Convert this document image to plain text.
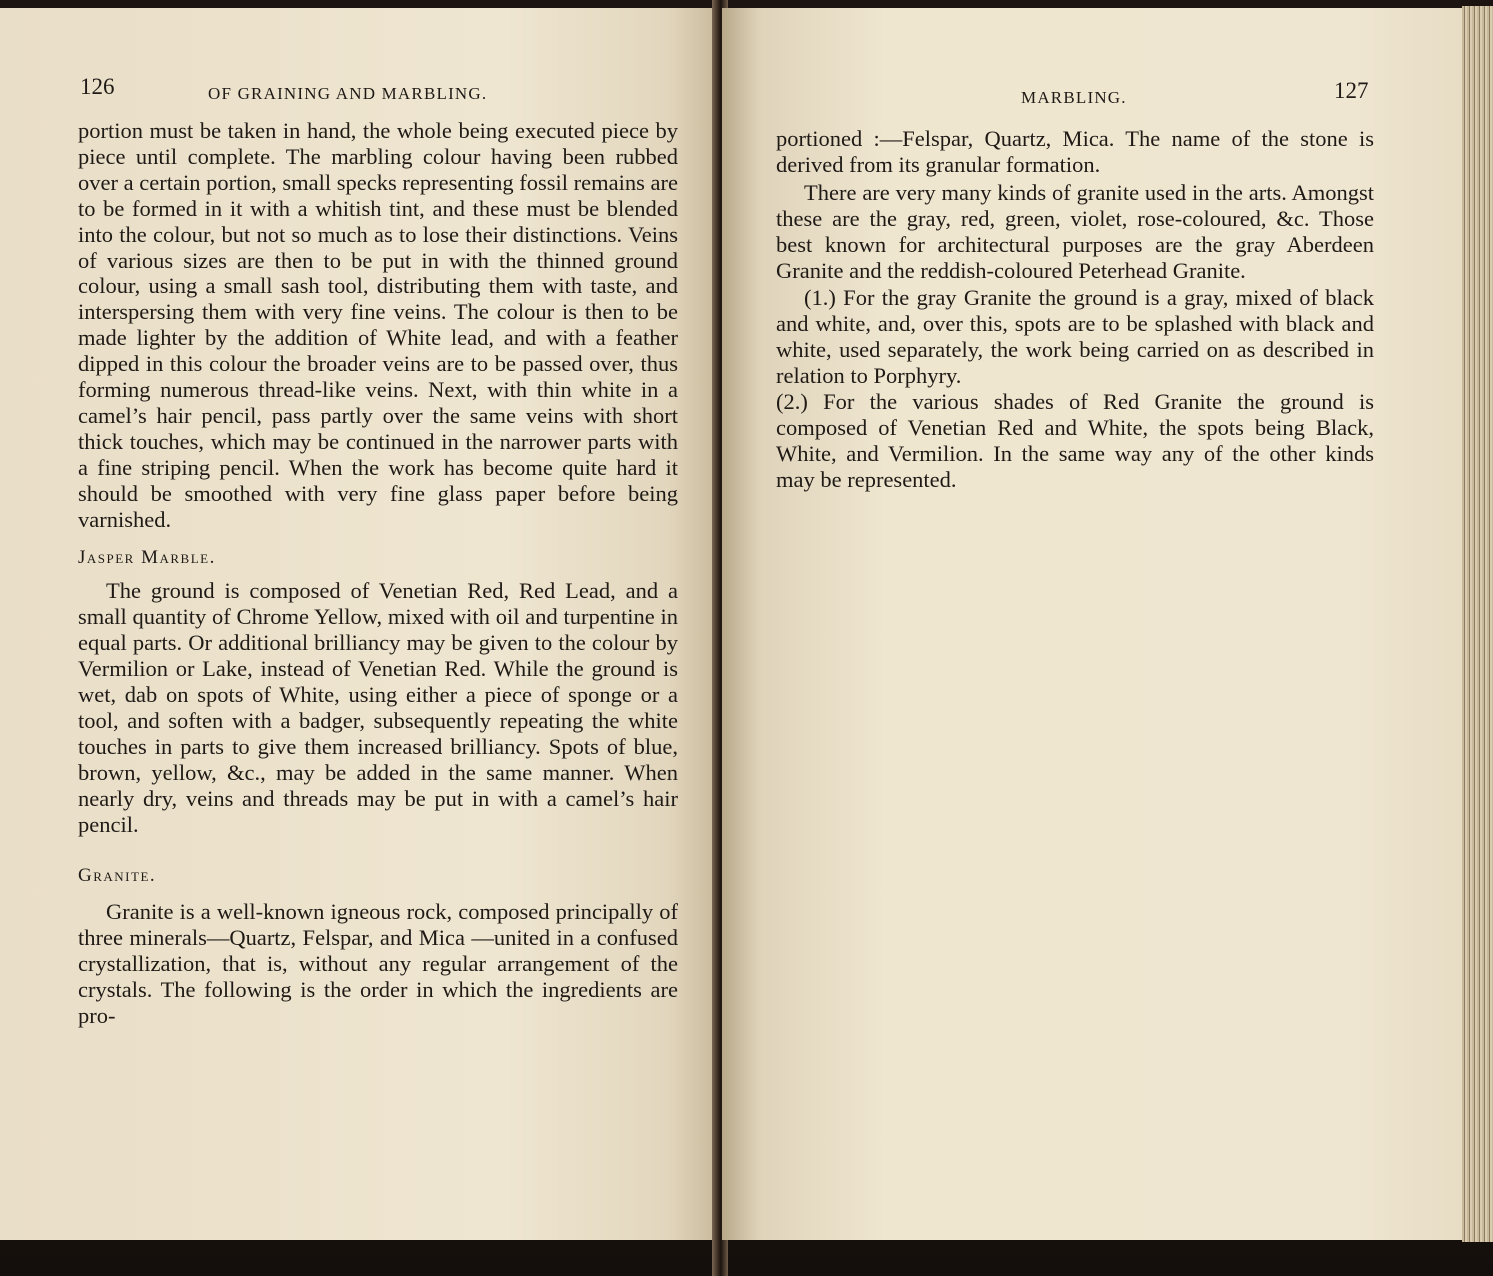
126	OF GRAINING AND MARBLING.

portion must be taken in hand, the whole being executed piece by piece until complete. The marbling colour having been rubbed over a certain portion, small specks representing fossil remains are to be formed in it with a whitish tint, and these must be blended into the colour, but not so much as to lose their distinctions. Veins of various sizes are then to be put in with the thinned ground colour, using a small sash tool, distributing them with taste, and interspersing them with very fine veins. The colour is then to be made lighter by the addition of White lead, and with a feather dipped in this colour the broader veins are to be passed over, thus forming numerous thread-like veins. Next, with thin white in a camel’s hair pencil, pass partly over the same veins with short thick touches, which may be continued in the narrower parts with a fine striping pencil. When the work has become quite hard it should be smoothed with very fine glass paper before being varnished.

Jasper Marble.

The ground is composed of Venetian Red, Red Lead, and a small quantity of Chrome Yellow, mixed with oil and turpentine in equal parts. Or additional brilliancy may be given to the colour by Vermilion or Lake, instead of Venetian Red. While the ground is wet, dab on spots of White, using either a piece of sponge or a tool, and soften with a badger, subsequently repeating the white touches in parts to give them increased brilliancy. Spots of blue, brown, yellow, &c., may be added in the same manner. When nearly dry, veins and threads may be put in with a camel’s hair pencil.

Granite.

Granite is a well-known igneous rock, composed principally of three minerals—Quartz, Felspar, and Mica —united in a confused crystallization, that is, without any regular arrangement of the crystals. The following is the order in which the ingredients are pro-

MARBLING.	127

portioned :—Felspar, Quartz, Mica. The name of the stone is derived from its granular formation.

There are very many kinds of granite used in the arts. Amongst these are the gray, red, green, violet, rose-coloured, &c. Those best known for architectural purposes are the gray Aberdeen Granite and the reddish-coloured Peterhead Granite.

(1.) For the gray Granite the ground is a gray, mixed of black and white, and, over this, spots are to be splashed with black and white, used separately, the work being carried on as described in relation to Porphyry.

(2.) For the various shades of Red Granite the ground is composed of Venetian Red and White, the spots being Black, White, and Vermilion. In the same way any of the other kinds may be represented.
